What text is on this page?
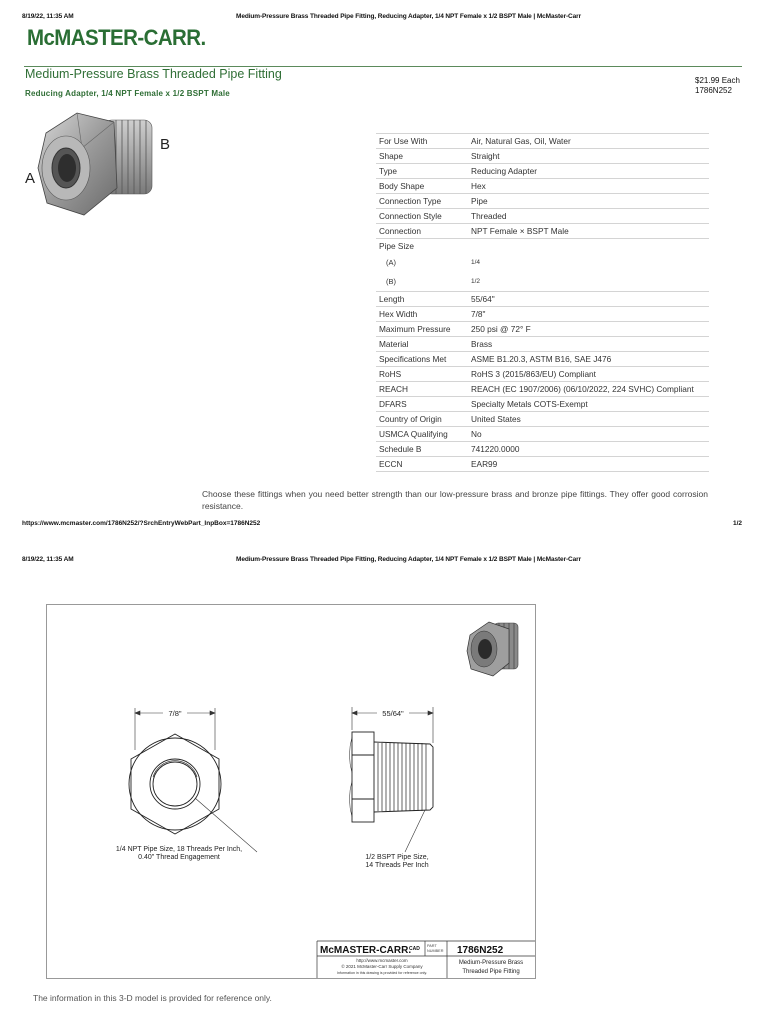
8/19/22, 11:35 AM	Medium-Pressure Brass Threaded Pipe Fitting, Reducing Adapter, 1/4 NPT Female x 1/2 BSPT Male | McMaster-Carr
McMASTER-CARR.
Medium-Pressure Brass Threaded Pipe Fitting
Reducing Adapter, 1/4 NPT Female x 1/2 BSPT Male
$21.99 Each
1786N252
B
A
For Use With	Air, Natural Gas, Oil, Water
Shape	Straight
Type	Reducing Adapter
Body Shape	Hex
Connection Type	Pipe
Connection Style	Threaded
Connection	NPT Female × BSPT Male
Pipe Size	
(A)	1/4
(B)	1/2
Length	55/64"
Hex Width	7/8"
Maximum Pressure	250 psi @ 72° F
Material	Brass
Specifications Met	ASME B1.20.3, ASTM B16, SAE J476
RoHS	RoHS 3 (2015/863/EU) Compliant
REACH	REACH (EC 1907/2006) (06/10/2022, 224 SVHC) Compliant
DFARS	Specialty Metals COTS-Exempt
Country of Origin	United States
USMCA Qualifying	No
Schedule B	741220.0000
ECCN	EAR99
Choose these fittings when you need better strength than our low-pressure brass and bronze pipe fittings. They offer good corrosion resistance.
https://www.mcmaster.com/1786N252/?SrchEntryWebPart_InpBox=1786N252	1/2
8/19/22, 11:35 AM	Medium-Pressure Brass Threaded Pipe Fitting, Reducing Adapter, 1/4 NPT Female x 1/2 BSPT Male | McMaster-Carr
7/8"	55/64"
1/4 NPT Pipe Size, 18 Threads Per Inch,
0.40" Thread Engagement	1/2 BSPT Pipe Size,
14 Threads Per Inch
McMASTER-CARR.
CAD PART
NUMBER 1786N252
http://www.mcmaster.com
© 2021 McMaster-Carr Supply Company
Information in this drawing is provided for reference only.
Medium-Pressure Brass
Threaded Pipe Fitting
The information in this 3-D model is provided for reference only.
